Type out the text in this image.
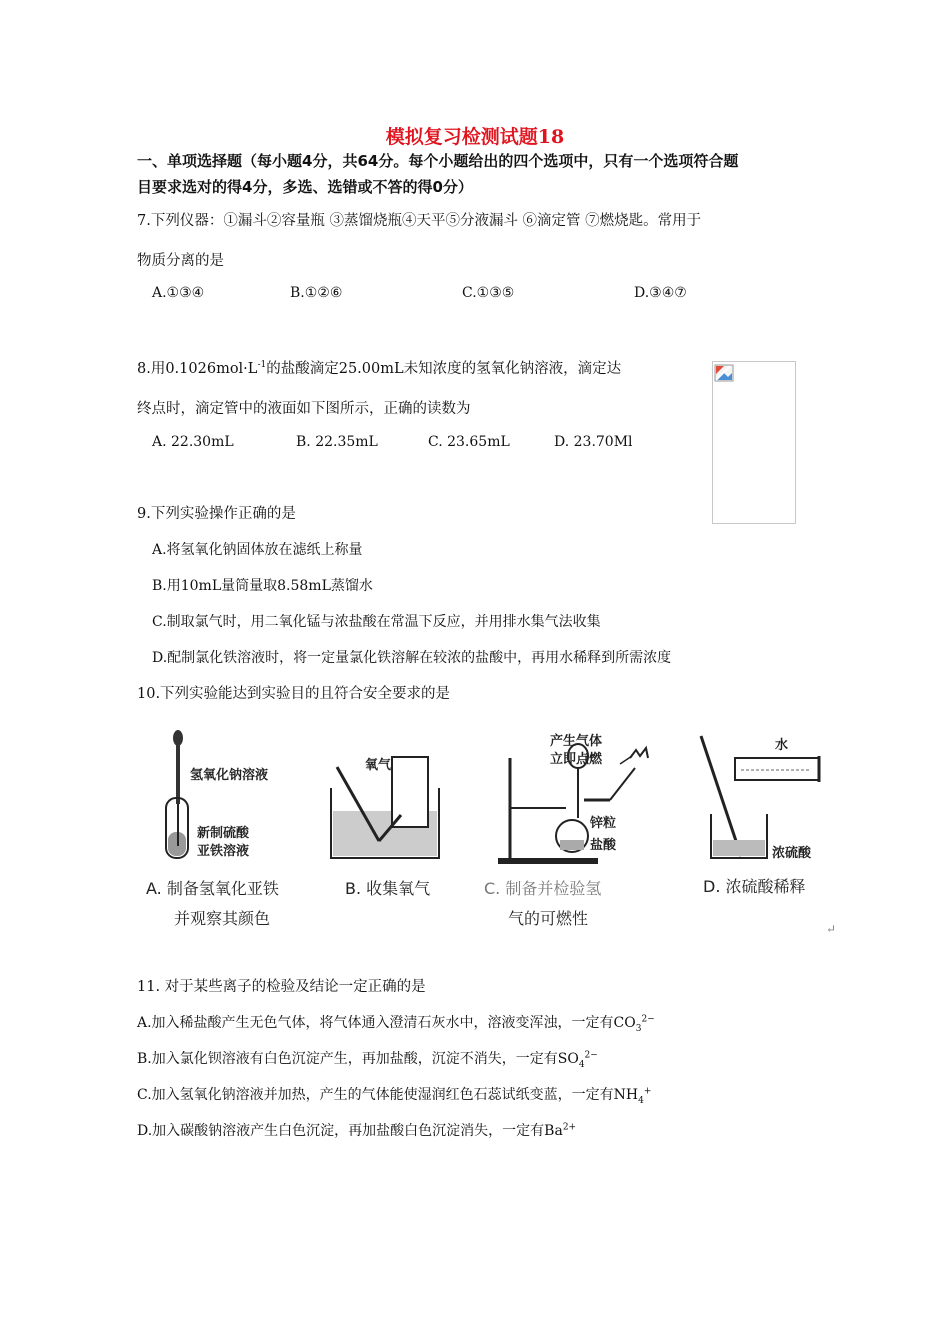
模拟复习检测试题18
一、单项选择题（每小题4分，共64分。每个小题给出的四个选项中，只有一个选项符合题
目要求选对的得4分，多选、选错或不答的得0分）
7.下列仪器：①漏斗②容量瓶 ③蒸馏烧瓶④天平⑤分液漏斗 ⑥滴定管 ⑦燃烧匙。常用于
物质分离的是
A.①③④	B.①②⑥	C.①③⑤	D.③④⑦
8.用$0.1026mol\cdot L^{-1}$的盐酸滴定25.00mL未知浓度的氢氧化钠溶液，滴定达
终点时，滴定管中的液面如下图所示，正确的读数为
A. 22.30mL	B. 22.35mL	C. 23.65mL	D. 23.70Ml
9.下列实验操作正确的是
A.将氢氧化钠固体放在滤纸上称量
B.用10mL量筒量取8.58mL蒸馏水
C.制取氯气时，用二氧化锰与浓盐酸在常温下反应，并用排水集气法收集
D.配制氯化铁溶液时，将一定量氯化铁溶解在较浓的盐酸中，再用水稀释到所需浓度
10.下列实验能达到实验目的且符合安全要求的是
氢氧化钠溶液
新制硫酸
亚铁溶液
A. 制备氢氧化亚铁
并观察其颜色
氧气
B. 收集氧气
产生气体
立即点燃
锌粒
盐酸
C. 制备并检验氢
气的可燃性
水
浓硫酸
D. 浓硫酸稀释
↵
11. 对于某些离子的检验及结论一定正确的是
A.加入稀盐酸产生无色气体，将气体通入澄清石灰水中，溶液变浑浊，一定有$CO_3^{2-}$
B.加入氯化钡溶液有白色沉淀产生，再加盐酸，沉淀不消失，一定有$SO_4^{2-}$
C.加入氢氧化钠溶液并加热，产生的气体能使湿润红色石蕊试纸变蓝，一定有$NH_4^+$
D.加入碳酸钠溶液产生白色沉淀，再加盐酸白色沉淀消失，一定有$Ba^{2+}$
